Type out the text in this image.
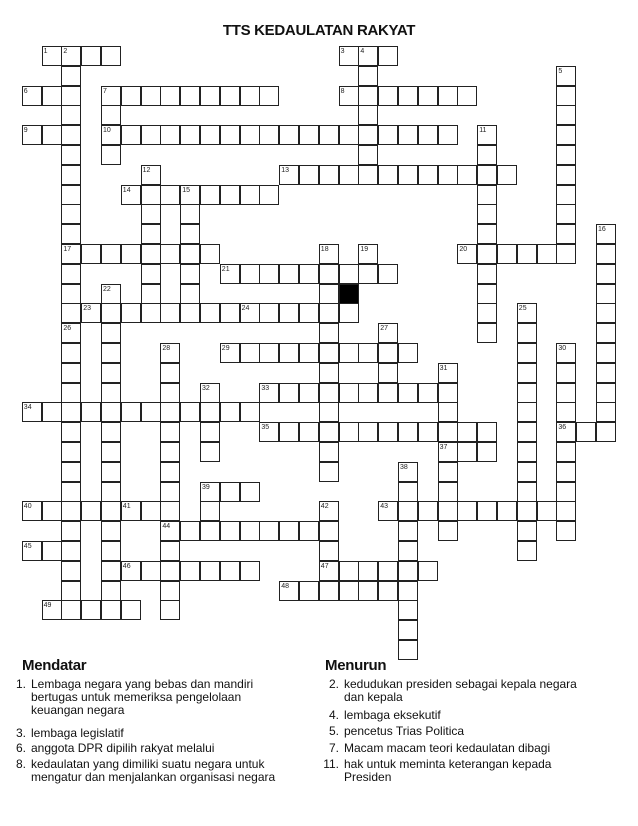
TTS KEDAULATAN RAKYAT
1 2	3 4
5
6	7	8
9	10	11
12	13
14	15
16
17	18	19	20
21
22
23	24	25
26	27
28	29	30
31
32	33
34
35	36
37
38
39
40	41	42	43
44
45
46	47
48
49
Mendatar	Menurun
1. Lembaga negara yang bebas dan mandiri
bertugas untuk memeriksa pengelolaan
keuangan negara
3. lembaga legislatif
6. anggota DPR dipilih rakyat melalui
8. kedaulatan yang dimiliki suatu negara untuk
mengatur dan menjalankan organisasi negara
2. kedudukan presiden sebagai kepala negara
dan kepala
4. lembaga eksekutif
5. pencetus Trias Politica
7. Macam macam teori kedaulatan dibagi
11. hak untuk meminta keterangan kepada
Presiden
